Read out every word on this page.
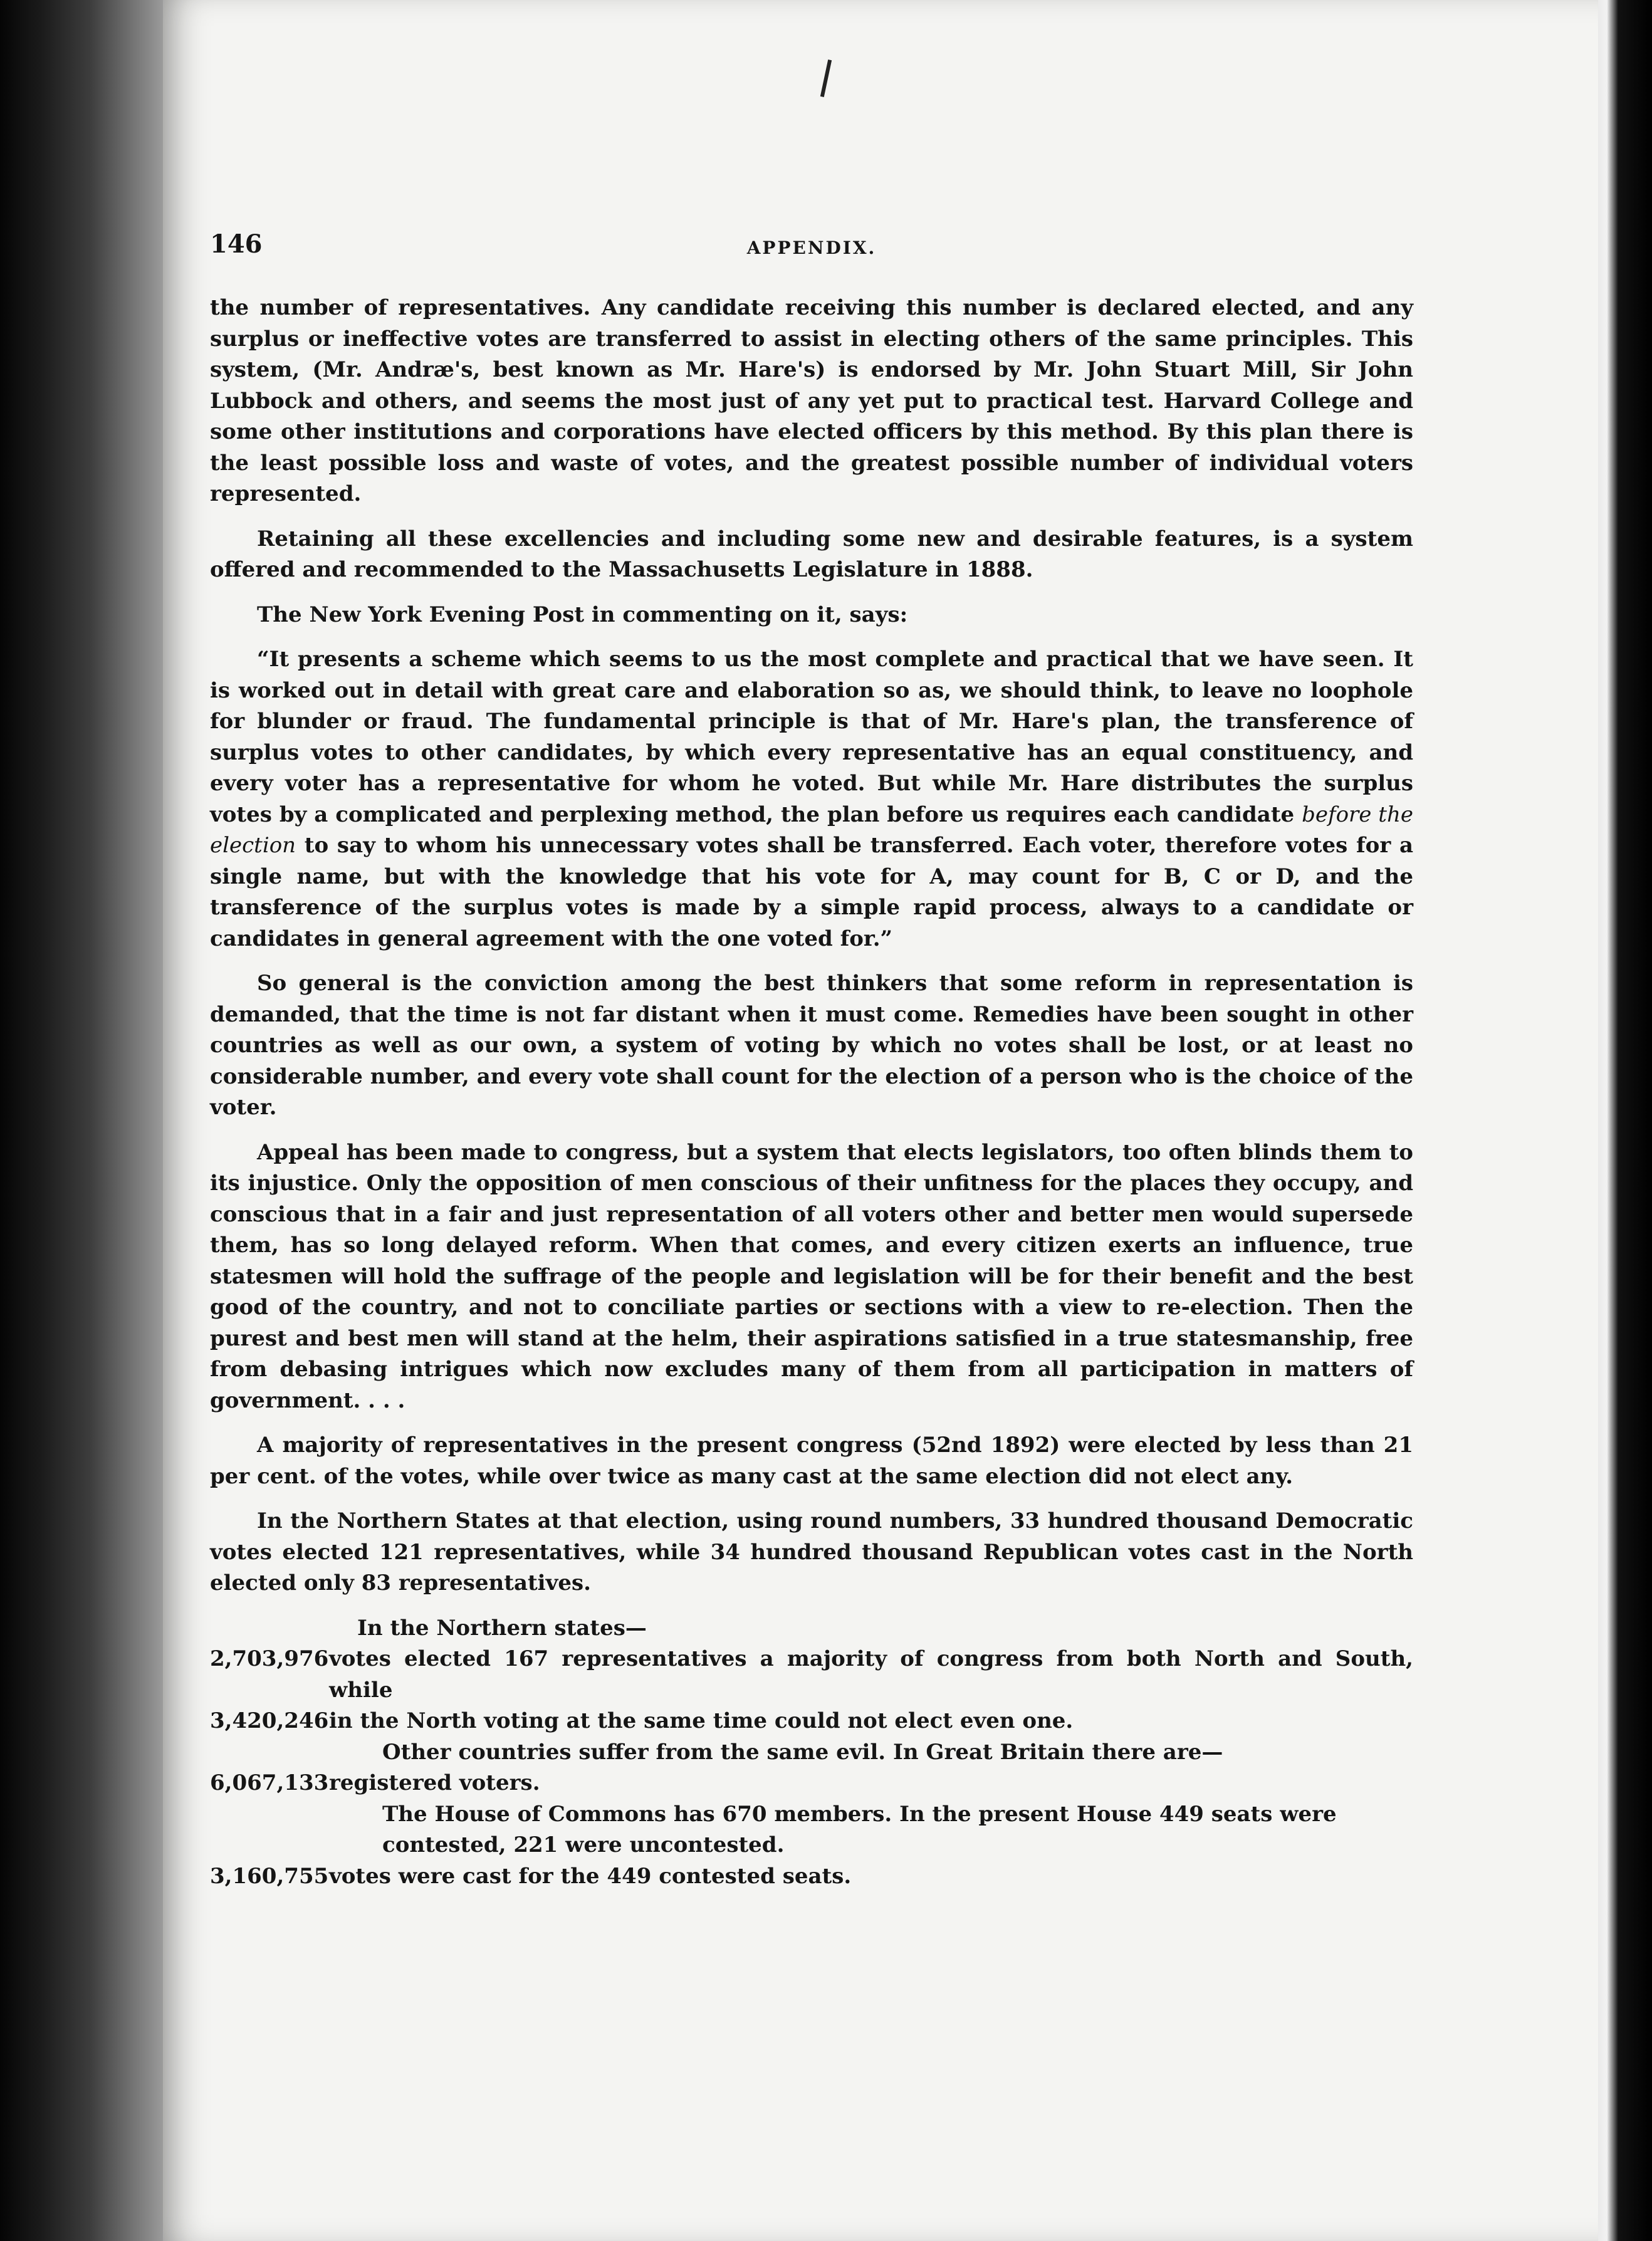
146	APPENDIX.

the number of representatives. Any candidate receiving this number is declared elected, and any surplus or ineffective votes are transferred to assist in electing others of the same principles. This system, (Mr. Andræ's, best known as Mr. Hare's) is endorsed by Mr. John Stuart Mill, Sir John Lubbock and others, and seems the most just of any yet put to practical test. Harvard College and some other institutions and corporations have elected officers by this method. By this plan there is the least possible loss and waste of votes, and the greatest possible number of individual voters represented.

Retaining all these excellencies and including some new and desirable features, is a system offered and recommended to the Massachusetts Legislature in 1888.

The New York Evening Post in commenting on it, says:

“It presents a scheme which seems to us the most complete and practical that we have seen. It is worked out in detail with great care and elaboration so as, we should think, to leave no loophole for blunder or fraud. The fundamental principle is that of Mr. Hare's plan, the transference of surplus votes to other candidates, by which every representative has an equal constituency, and every voter has a representative for whom he voted. But while Mr. Hare distributes the surplus votes by a complicated and perplexing method, the plan before us requires each candidate before the election to say to whom his unnecessary votes shall be transferred. Each voter, therefore votes for a single name, but with the knowledge that his vote for A, may count for B, C or D, and the transference of the surplus votes is made by a simple rapid process, always to a candidate or candidates in general agreement with the one voted for.”

So general is the conviction among the best thinkers that some reform in representation is demanded, that the time is not far distant when it must come. Remedies have been sought in other countries as well as our own, a system of voting by which no votes shall be lost, or at least no considerable number, and every vote shall count for the election of a person who is the choice of the voter.

Appeal has been made to congress, but a system that elects legislators, too often blinds them to its injustice. Only the opposition of men conscious of their unfitness for the places they occupy, and conscious that in a fair and just representation of all voters other and better men would supersede them, has so long delayed reform. When that comes, and every citizen exerts an influence, true statesmen will hold the suffrage of the people and legislation will be for their benefit and the best good of the country, and not to conciliate parties or sections with a view to re-election. Then the purest and best men will stand at the helm, their aspirations satisfied in a true statesmanship, free from debasing intrigues which now excludes many of them from all participation in matters of government. . . .

A majority of representatives in the present congress (52nd 1892) were elected by less than 21 per cent. of the votes, while over twice as many cast at the same election did not elect any.

In the Northern States at that election, using round numbers, 33 hundred thousand Democratic votes elected 121 representatives, while 34 hundred thousand Republican votes cast in the North elected only 83 representatives.

In the Northern states—
2,703,976 votes elected 167 representatives a majority of congress from both North and South, while
3,420,246 in the North voting at the same time could not elect even one.
Other countries suffer from the same evil. In Great Britain there are—
6,067,133 registered voters.
The House of Commons has 670 members. In the present House 449 seats were contested, 221 were uncontested.
3,160,755 votes were cast for the 449 contested seats.
